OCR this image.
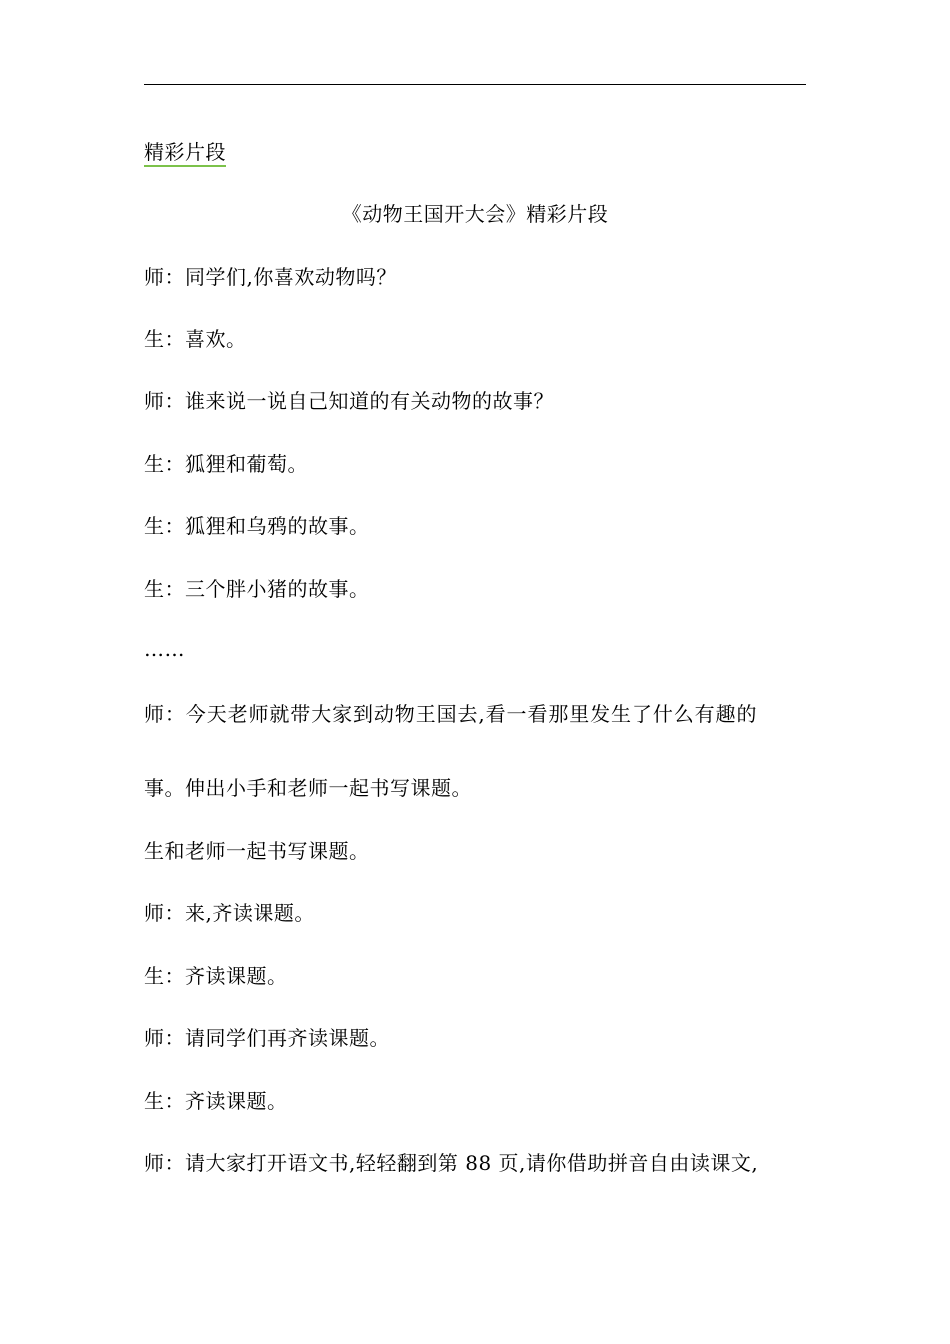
精彩片段
《动物王国开大会》精彩片段
师：同学们,你喜欢动物吗？
生：喜欢。
师：谁来说一说自己知道的有关动物的故事？
生：狐狸和葡萄。
生：狐狸和乌鸦的故事。
生：三个胖小猪的故事。
……
师：今天老师就带大家到动物王国去,看一看那里发生了什么有趣的
事。伸出小手和老师一起书写课题。
生和老师一起书写课题。
师：来,齐读课题。
生：齐读课题。
师：请同学们再齐读课题。
生：齐读课题。
师：请大家打开语文书,轻轻翻到第 88 页,请你借助拼音自由读课文,
